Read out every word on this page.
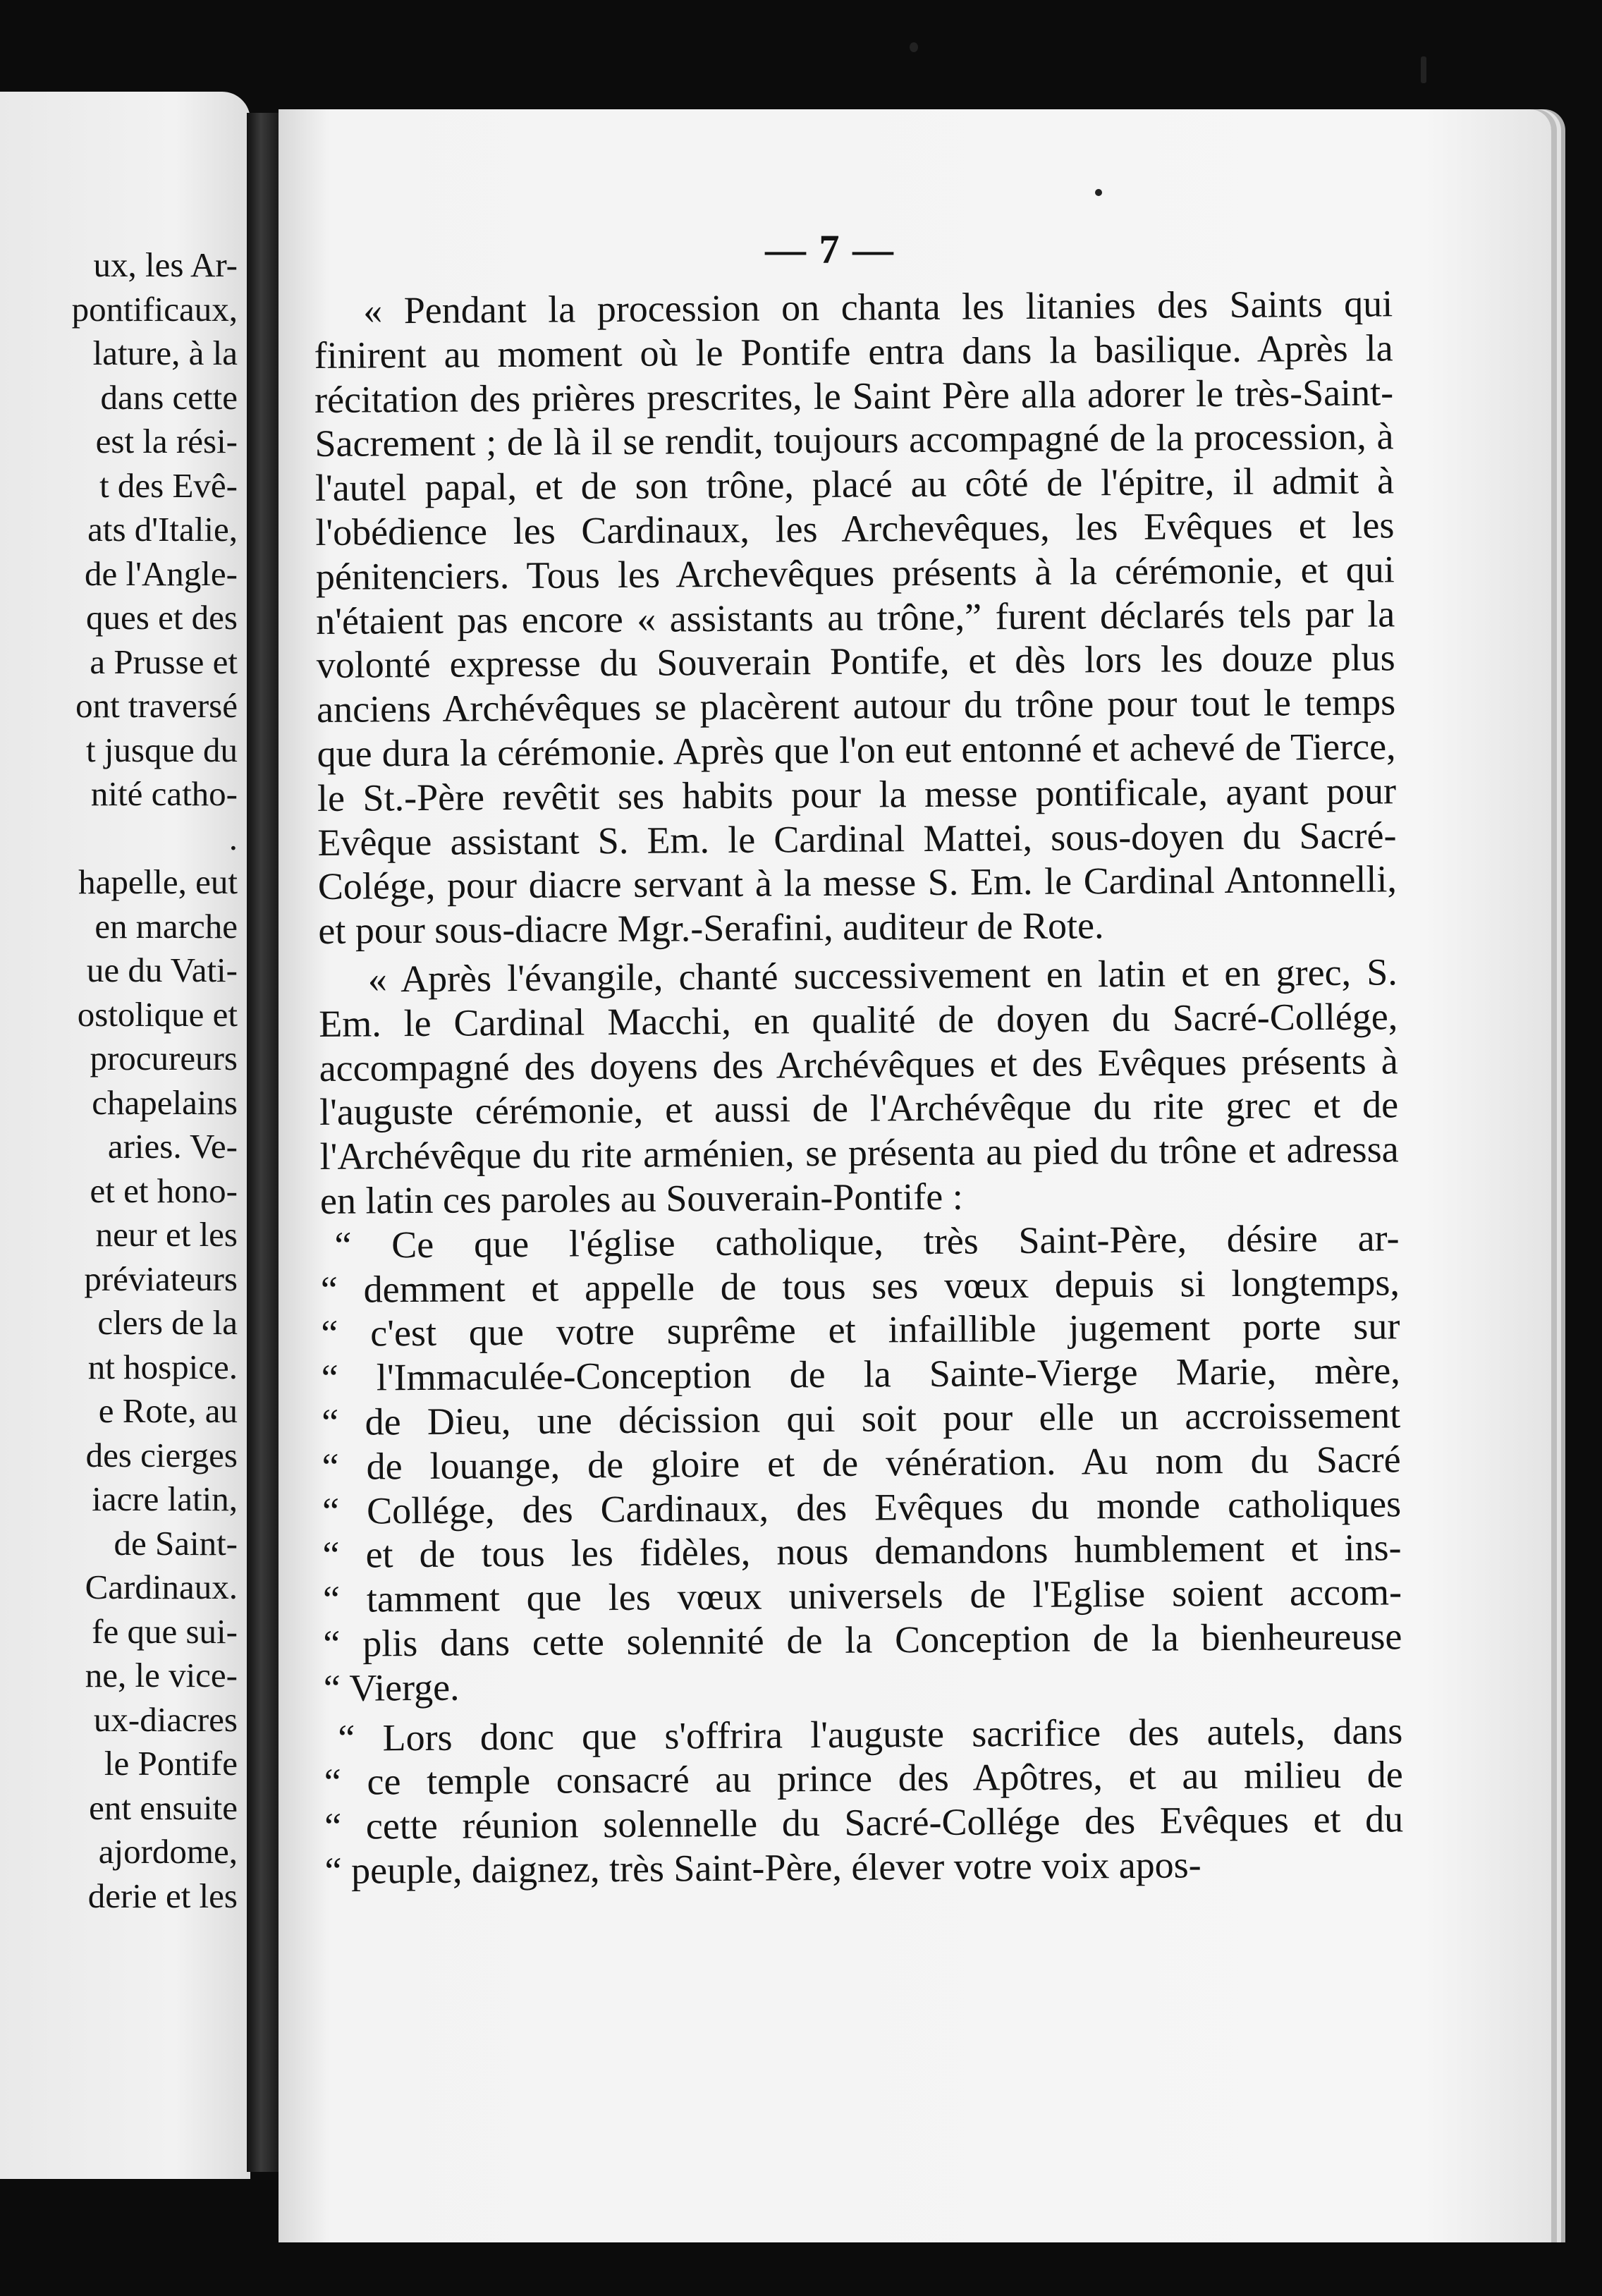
ux, les Ar-
pontificaux,
lature, à la
dans cette
est la rési-
t des Evê-
ats d'Italie,
de l'Angle-
ques et des
a Prusse et
ont traversé
t jusque du
nité catho-
.
hapelle, eut
en marche
ue du Vati-
ostolique et
procureurs
chapelains
aries. Ve-
et et hono-
neur et les
préviateurs
clers de la
nt hospice.
e Rote, au
des cierges
iacre latin,
de Saint-
Cardinaux.
fe que sui-
ne, le vice-
ux-diacres
le Pontife
ent ensuite
ajordome,
derie et les
— 7 —

« Pendant la procession on chanta les litanies des Saints qui finirent au moment où le Pontife entra dans la basilique. Après la récitation des prières prescrites, le Saint Père alla adorer le très-Saint-Sacrement ; de là il se rendit, toujours accompagné de la procession, à l'autel papal, et de son trône, placé au côté de l'épitre, il admit à l'obédience les Cardinaux, les Archevêques, les Evêques et les pénitenciers. Tous les Archevêques présents à la cérémonie, et qui n'étaient pas encore « assistants au trône,” furent déclarés tels par la volonté expresse du Souverain Pontife, et dès lors les douze plus anciens Archévêques se placèrent autour du trône pour tout le temps que dura la cérémonie. Après que l'on eut entonné et achevé de Tierce, le St.-Père revêtit ses habits pour la messe pontificale, ayant pour Evêque assistant S. Em. le Cardinal Mattei, sous-doyen du Sacré-Colége, pour diacre servant à la messe S. Em. le Cardinal Antonnelli, et pour sous-diacre Mgr.-Serafini, auditeur de Rote.

« Après l'évangile, chanté successivement en latin et en grec, S. Em. le Cardinal Macchi, en qualité de doyen du Sacré-Collége, accompagné des doyens des Archévêques et des Evêques présents à l'auguste cérémonie, et aussi de l'Archévêque du rite grec et de l'Archévêque du rite arménien, se présenta au pied du trône et adressa en latin ces paroles au Souverain-Pontife :

“ Ce que l'église catholique, très Saint-Père, désire ar-
“ demment et appelle de tous ses vœux depuis si longtemps,
“ c'est que votre suprême et infaillible jugement porte sur
“ l'Immaculée-Conception de la Sainte-Vierge Marie, mère,
“ de Dieu, une décission qui soit pour elle un accroissement
“ de louange, de gloire et de vénération. Au nom du Sacré
“ Collége, des Cardinaux, des Evêques du monde catholiques
“ et de tous les fidèles, nous demandons humblement et ins-
“ tamment que les vœux universels de l'Eglise soient accom-
“ plis dans cette solennité de la Conception de la bienheureuse
“ Vierge.
“ Lors donc que s'offrira l'auguste sacrifice des autels, dans
“ ce temple consacré au prince des Apôtres, et au milieu de
“ cette réunion solennelle du Sacré-Collége des Evêques et du
“ peuple, daignez, très Saint-Père, élever votre voix apos-
